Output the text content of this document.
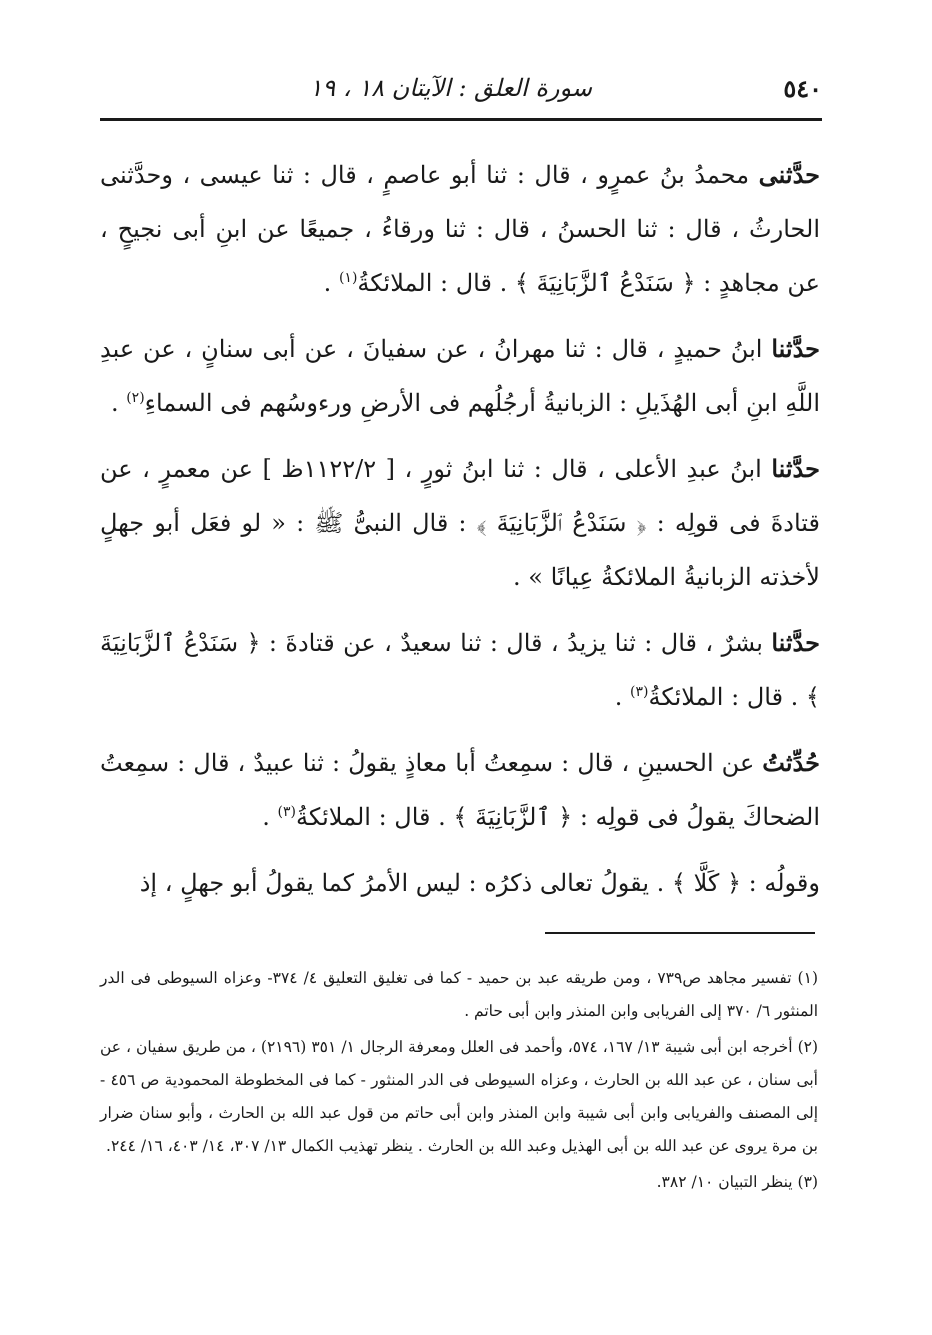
٥٤٠
سورة العلق : الآيتان ١٨ ، ١٩

حدَّثنى محمدُ بنُ عمرٍو ، قال : ثنا أبو عاصمٍ ، قال : ثنا عيسى ، وحدَّثنى الحارثُ ، قال : ثنا الحسنُ ، قال : ثنا ورقاءُ ، جميعًا عن ابنِ أبى نجيحٍ ، عن مجاهدٍ : ﴿ سَنَدْعُ ٱلزَّبَانِيَةَ ﴾ . قال : الملائكةُ$^{(١)}$ .

حدَّثنا ابنُ حميدٍ ، قال : ثنا مهرانُ ، عن سفيانَ ، عن أبى سنانٍ ، عن عبدِ اللَّهِ ابنِ أبى الهُذَيلِ : الزبانيةُ أرجُلُهم فى الأرضِ ورءوسُهم فى السماءِ$^{(٢)}$ .

حدَّثنا ابنُ عبدِ الأعلى ، قال : ثنا ابنُ ثورٍ ، [ ١١٢٢/٢ظ ] عن معمرٍ ، عن قتادةَ فى قولِه : ﴿ سَنَدْعُ ٱلزَّبَانِيَةَ ﴾ : قال النبىُّ ﷺ : « لو فعَل أبو جهلٍ لأخذته الزبانيةُ الملائكةُ عِيانًا » .

حدَّثنا بشرٌ ، قال : ثنا يزيدُ ، قال : ثنا سعيدٌ ، عن قتادةَ : ﴿ سَنَدْعُ ٱلزَّبَانِيَةَ ﴾ . قال : الملائكةُ$^{(٣)}$ .

حُدِّثتُ عن الحسينِ ، قال : سمِعتُ أبا معاذٍ يقولُ : ثنا عبيدٌ ، قال : سمِعتُ الضحاكَ يقولُ فى قولِه : ﴿ ٱلزَّبَانِيَةَ ﴾ . قال : الملائكةُ$^{(٣)}$ .

وقولُه : ﴿ كَلَّا ﴾ . يقولُ تعالى ذكرُه : ليس الأمرُ كما يقولُ أبو جهلٍ ، إذ

(١) تفسير مجاهد ص٧٣٩ ، ومن طريقه عبد بن حميد - كما فى تغليق التعليق ٤/ ٣٧٤- وعزاه السيوطى فى الدر المنثور ٦/ ٣٧٠ إلى الفريابى وابن المنذر وابن أبى حاتم .

(٢) أخرجه ابن أبى شيبة ١٣/ ١٦٧، ٥٧٤، وأحمد فى العلل ومعرفة الرجال ١/ ٣٥١ (٢١٩٦) ، من طريق سفيان ، عن أبى سنان ، عن عبد الله بن الحارث ، وعزاه السيوطى فى الدر المنثور - كما فى المخطوطة المحمودية ص ٤٥٦ - إلى المصنف والفريابى وابن أبى شيبة وابن المنذر وابن أبى حاتم من قول عبد الله بن الحارث ، وأبو سنان ضرار بن مرة يروى عن عبد الله بن أبى الهذيل وعبد الله بن الحارث . ينظر تهذيب الكمال ١٣/ ٣٠٧، ١٤/ ٤٠٣، ١٦/ ٢٤٤.

(٣) ينظر التبيان ١٠/ ٣٨٢.
